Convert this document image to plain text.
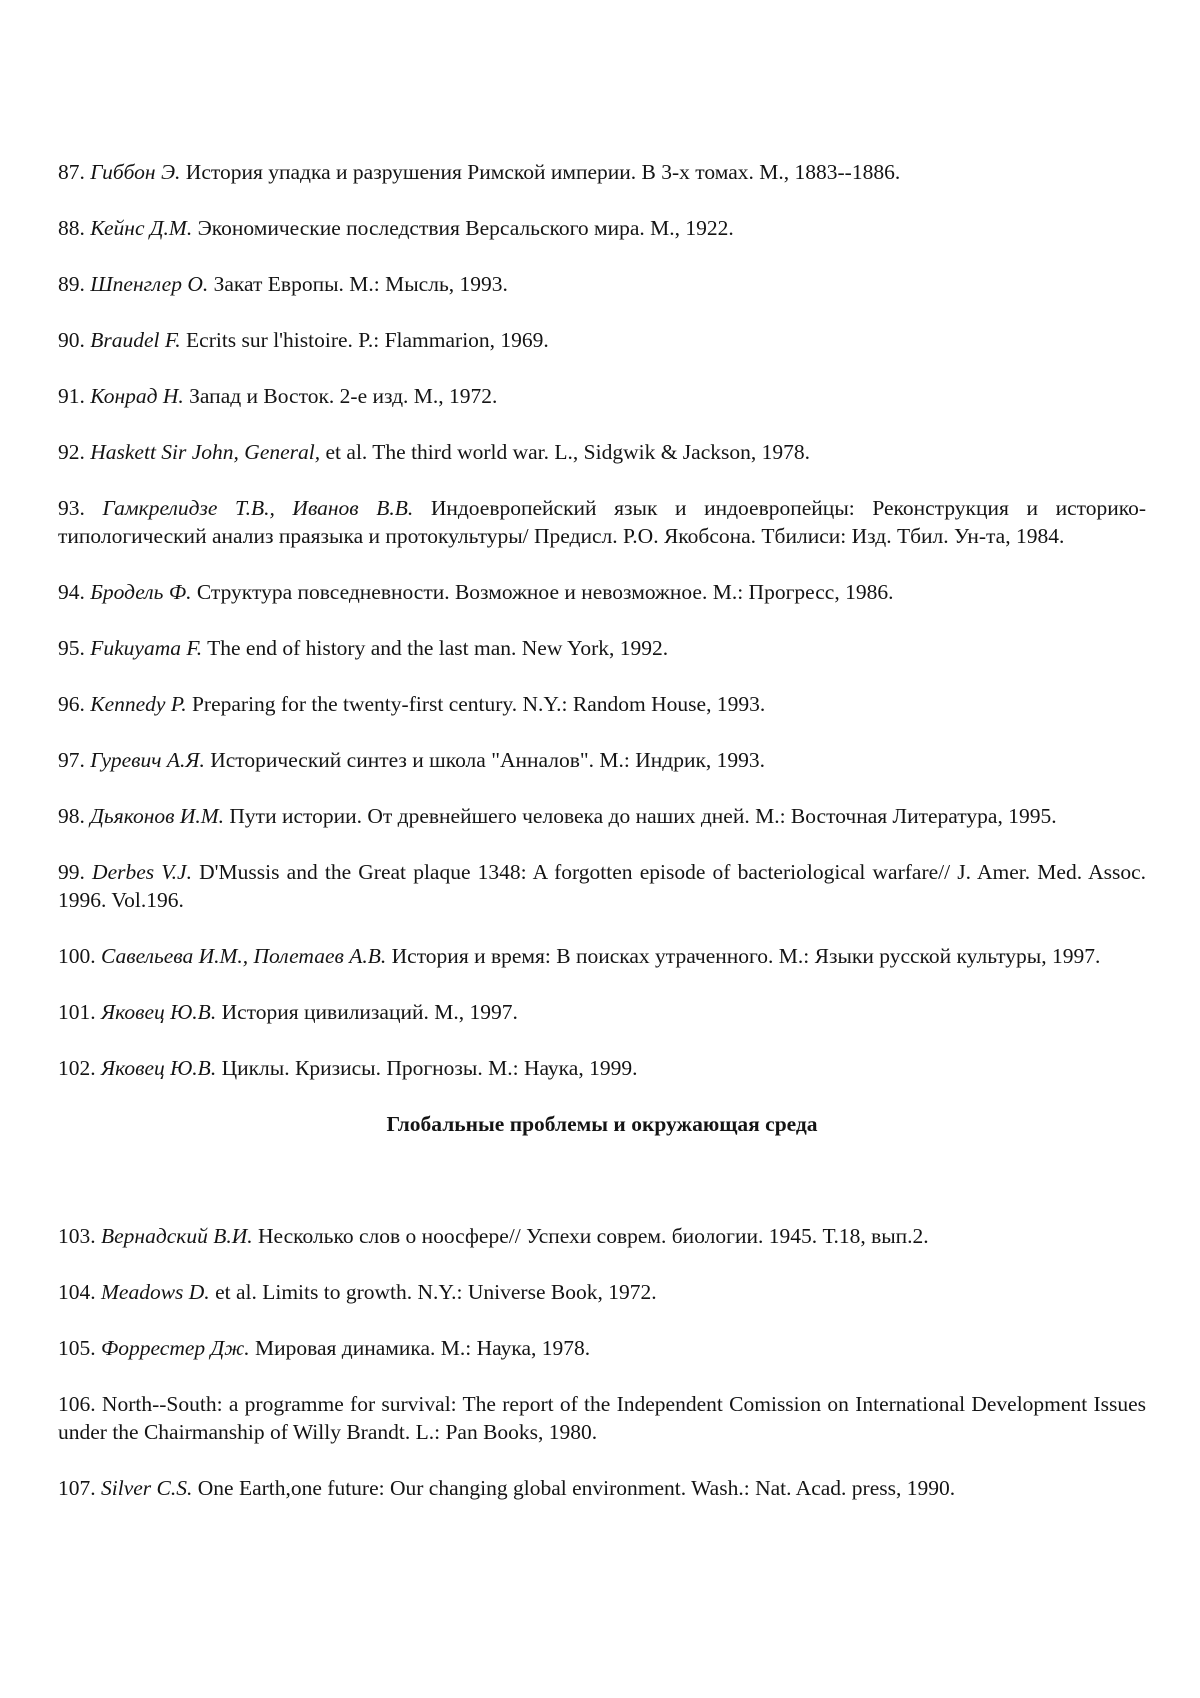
87. Гиббон Э. История упадка и разрушения Римской империи. В 3-х томах. М., 1883--1886.

88. Кейнс Д.М. Экономические последствия Версальского мира. М., 1922.

89. Шпенглер О. Закат Европы. М.: Мысль, 1993.

90. Braudel F. Ecrits sur l'histoire. P.: Flammarion, 1969.

91. Конрад Н. Запад и Восток. 2-е изд. М., 1972.

92. Haskett Sir John, General, et al. The third world war. L., Sidgwik & Jackson, 1978.

93. Гамкрелидзе Т.В., Иванов В.В. Индоевропейский язык и индоевропейцы: Реконструкция и историко-типологический анализ праязыка и протокультуры/ Предисл. Р.О. Якобсона. Тбилиси: Изд. Тбил. Ун-та, 1984.

94. Бродель Ф. Структура повседневности. Возможное и невозможное. М.: Прогресс, 1986.

95. Fukuyama F. The end of history and the last man. New York, 1992.

96. Kennedy P. Preparing for the twenty-first century. N.Y.: Random House, 1993.

97. Гуревич А.Я. Исторический синтез и школа "Анналов". М.: Индрик, 1993.

98. Дьяконов И.М. Пути истории. От древнейшего человека до наших дней. М.: Восточная Литература, 1995.

99. Derbes V.J. D'Mussis and the Great plaque 1348: A forgotten episode of bacteriological warfare// J. Amer. Med. Assoc. 1996. Vol.196.

100. Савельева И.М., Полетаев А.В. История и время: В поисках утраченного. М.: Языки русской культуры, 1997.

101. Яковец Ю.В. История цивилизаций. М., 1997.

102. Яковец Ю.В. Циклы. Кризисы. Прогнозы. М.: Наука, 1999.

Глобальные проблемы и окружающая среда

103. Вернадский В.И. Несколько слов о ноосфере// Успехи соврем. биологии. 1945. Т.18, вып.2.

104. Meadows D. et al. Limits to growth. N.Y.: Universe Book, 1972.

105. Форрестер Дж. Мировая динамика. М.: Наука, 1978.

106. North--South: a programme for survival: The report of the Independent Comission on International Development Issues under the Chairmanship of Willy Brandt. L.: Pan Books, 1980.

107. Silver C.S. One Earth,one future: Our changing global environment. Wash.: Nat. Acad. press, 1990.
